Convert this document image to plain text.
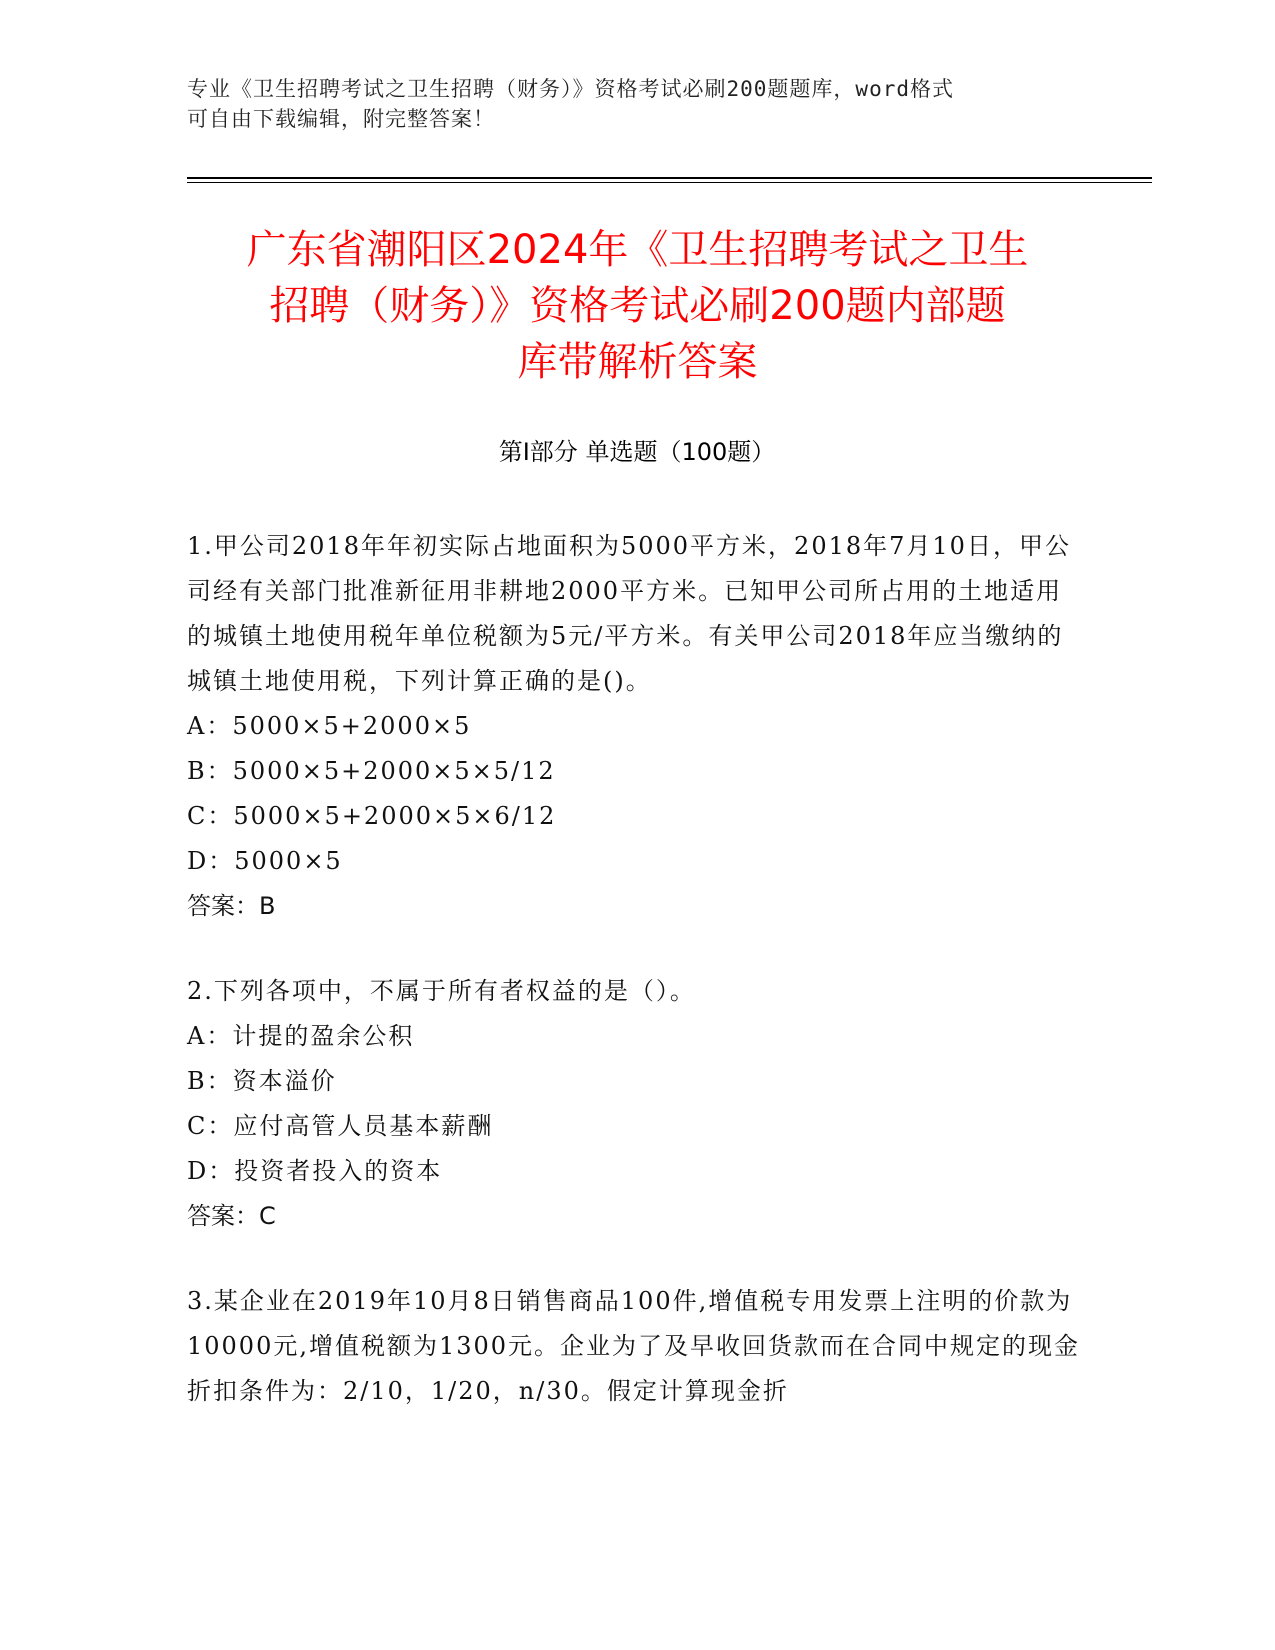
专业《卫生招聘考试之卫生招聘（财务）》资格考试必刷200题题库，word格式
可自由下载编辑，附完整答案！
广东省潮阳区2024年《卫生招聘考试之卫生
招聘（财务）》资格考试必刷200题内部题
库带解析答案
第Ⅰ部分 单选题（100题）

1.甲公司2018年年初实际占地面积为5000平方米，2018年7月10日，甲公司经有关部门批准新征用非耕地2000平方米。已知甲公司所占用的土地适用的城镇土地使用税年单位税额为5元/平方米。有关甲公司2018年应当缴纳的城镇土地使用税，下列计算正确的是()。

A：5000×5+2000×5

B：5000×5+2000×5×5/12

C：5000×5+2000×5×6/12

D：5000×5

答案：B

2.下列各项中，不属于所有者权益的是（）。

A：计提的盈余公积

B：资本溢价

C：应付高管人员基本薪酬

D：投资者投入的资本

答案：C

3.某企业在2019年10月8日销售商品100件,增值税专用发票上注明的价款为10000元,增值税额为1300元。企业为了及早收回货款而在合同中规定的现金折扣条件为：2/10，1/20，n/30。假定计算现金折
